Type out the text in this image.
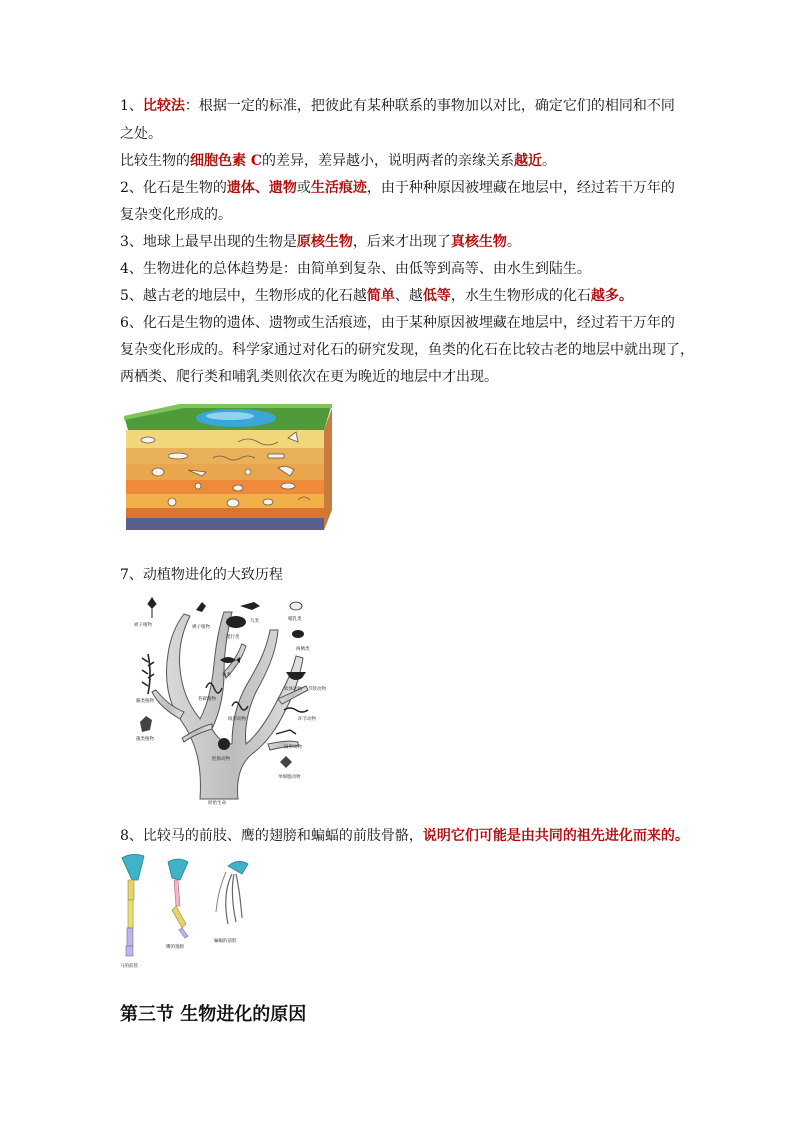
1、比较法：根据一定的标准，把彼此有某种联系的事物加以对比，确定它们的相同和不同
之处。
比较生物的细胞色素 C的差异，差异越小，说明两者的亲缘关系越近。
2、化石是生物的遗体、遗物或生活痕迹，由于种种原因被埋藏在地层中，经过若干万年的
复杂变化形成的。
3、地球上最早出现的生物是原核生物，后来才出现了真核生物。
4、生物进化的总体趋势是：由简单到复杂、由低等到高等、由水生到陆生。
5、越古老的地层中，生物形成的化石越简单、越低等，水生生物形成的化石越多。
6、化石是生物的遗体、遗物或生活痕迹，由于某种原因被埋藏在地层中，经过若干万年的
复杂变化形成的。科学家通过对化石的研究发现，鱼类的化石在比较古老的地层中就出现了，
两栖类、爬行类和哺乳类则依次在更为晚近的地层中才出现。
7、动植物进化的大致历程
被子植物	裸子植物
爬行类
鸟类	哺乳类
两栖类
鱼类
蕨类植物	苔藓植物
软体动物 节肢动物
环节动物
线形动物
扁形动物
腔肠动物
藻类植物
单细胞动物
原始生命
8、比较马的前肢、鹰的翅膀和蝙蝠的前肢骨骼，说明它们可能是由共同的祖先进化而来的。
马的前肢
鹰的翅膀
蝙蝠的前肢
第三节 生物进化的原因
